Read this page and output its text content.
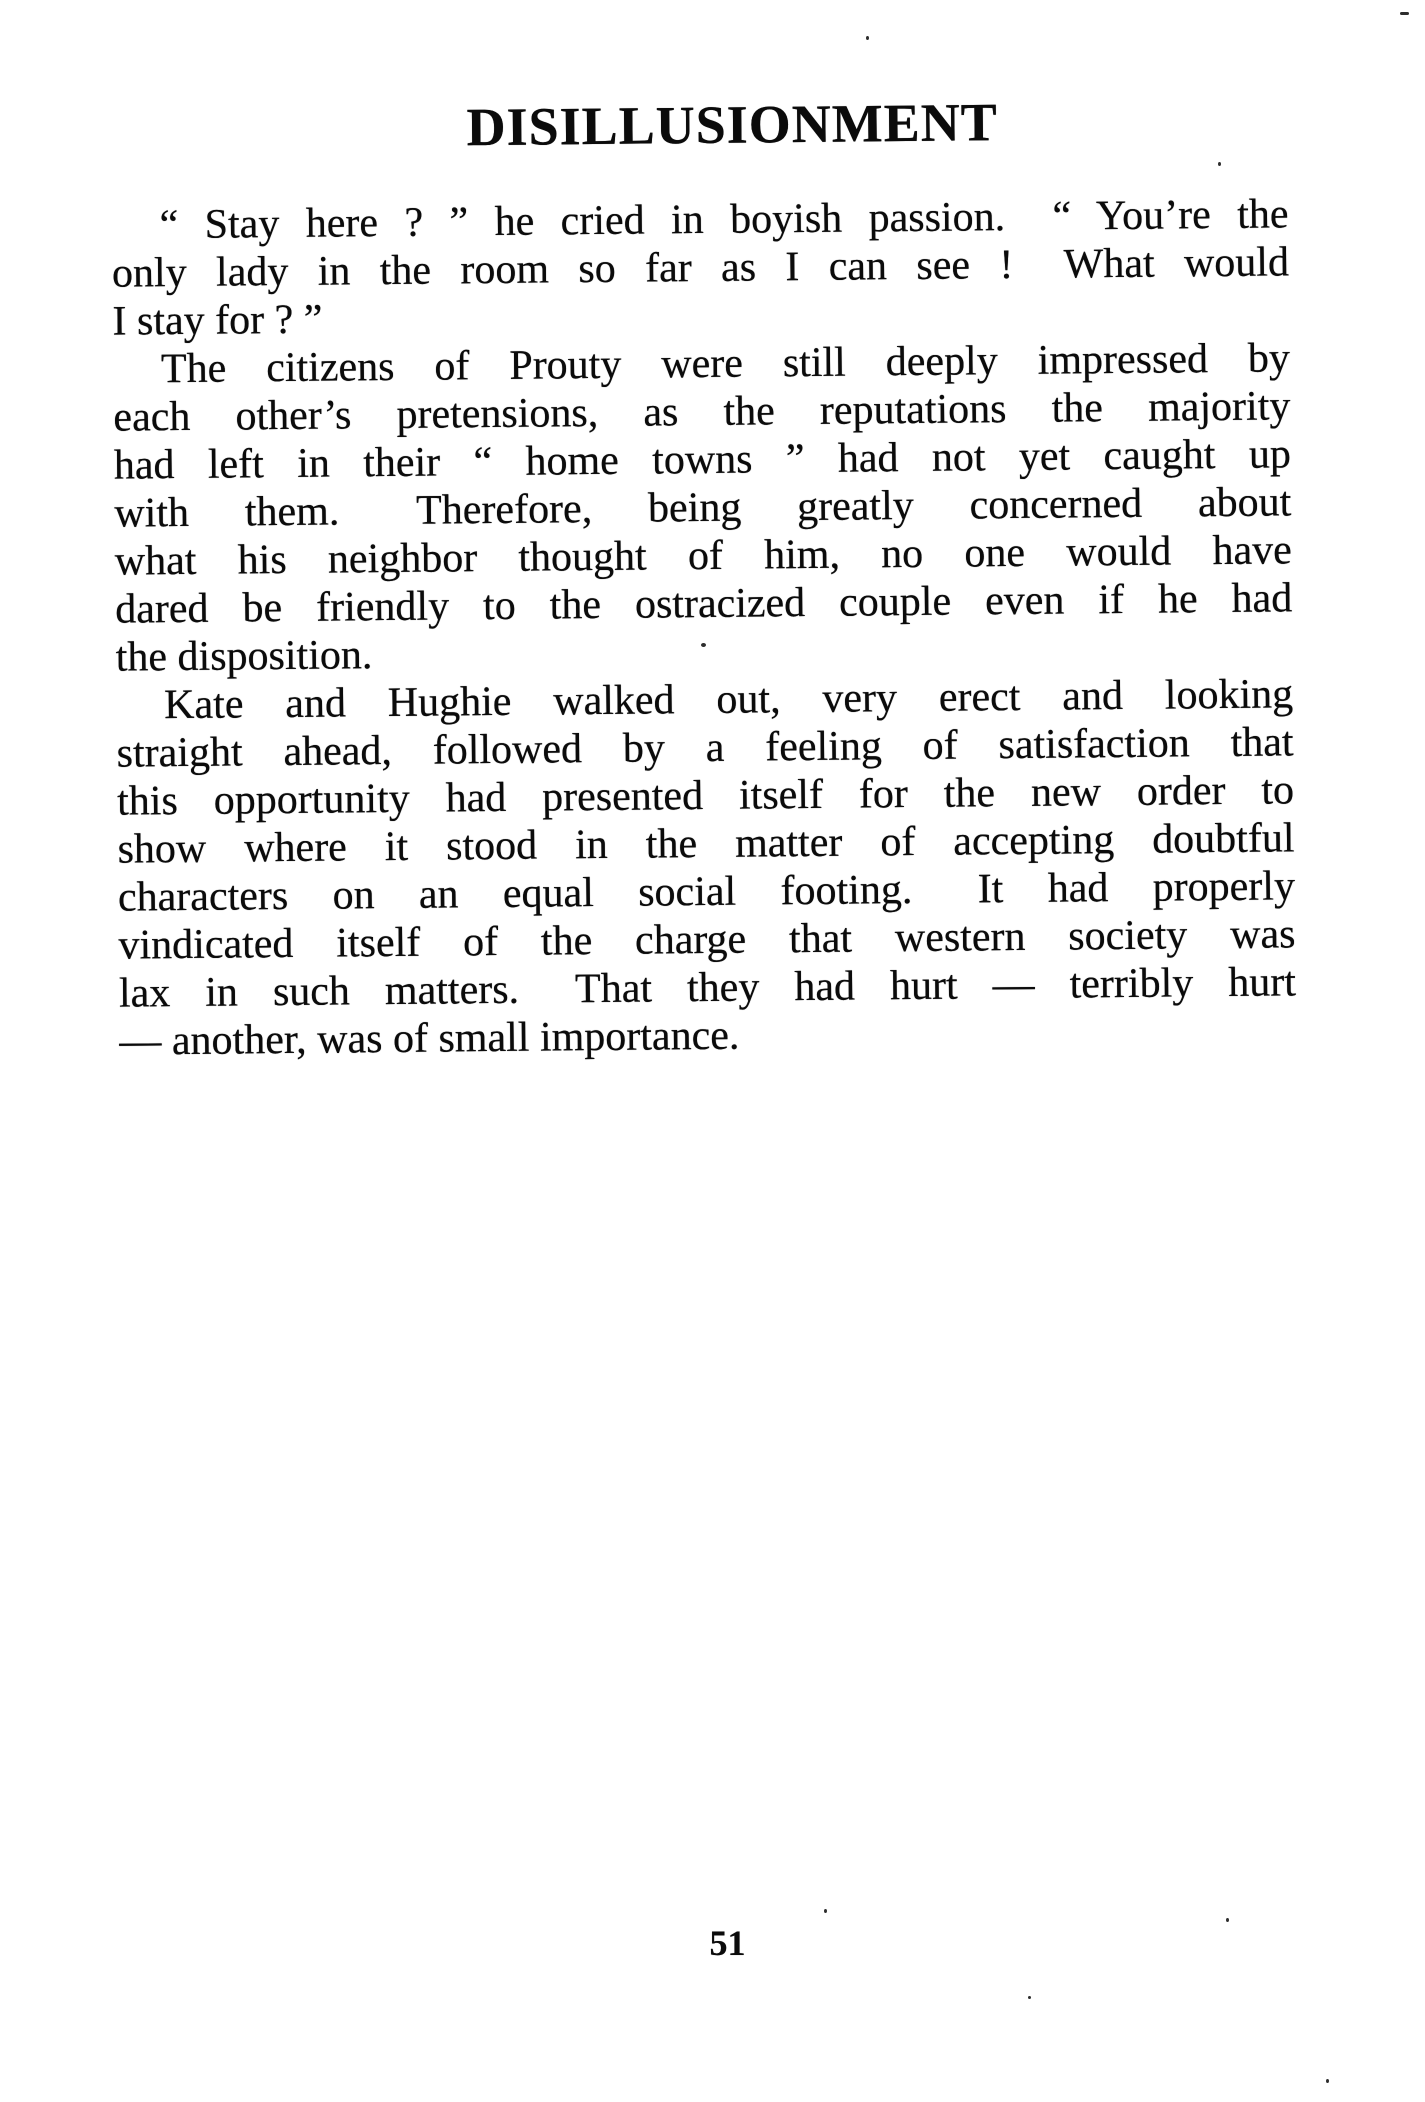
DISILLUSIONMENT

“ Stay here ? ” he cried in boyish passion.  “ You’re the

only lady in the room so far as I can see !  What would

I stay for ? ”

The citizens of Prouty were still deeply impressed by

each other’s pretensions, as the reputations the majority

had left in their “ home towns ” had not yet caught up

with them.  Therefore, being greatly concerned about

what his neighbor thought of him, no one would have

dared be friendly to the ostracized couple even if he had

the disposition.

Kate and Hughie walked out, very erect and looking

straight ahead, followed by a feeling of satisfaction that

this opportunity had presented itself for the new order to

show where it stood in the matter of accepting doubtful

characters on an equal social footing.  It had properly

vindicated itself of the charge that western society was

lax in such matters.  That they had hurt — terribly hurt

— another, was of small importance.

51
